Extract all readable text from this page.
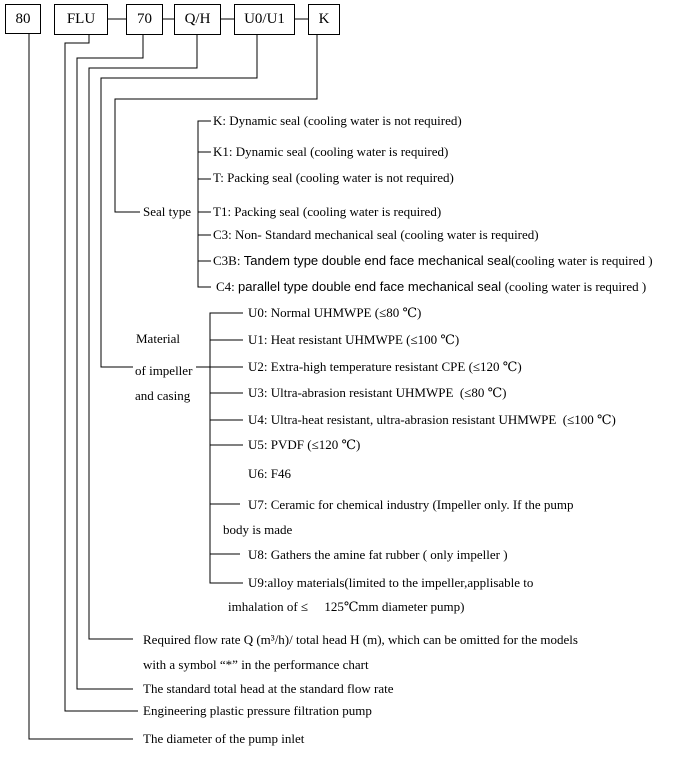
80	FLU	70	Q/H	U0/U1	K
Seal type
K: Dynamic seal (cooling water is not required)
K1: Dynamic seal (cooling water is required)
T: Packing seal (cooling water is not required)
T1: Packing seal (cooling water is required)
C3: Non- Standard mechanical seal (cooling water is required)
C3B: Tandem type double end face mechanical seal(cooling water is required )
C4: parallel type double end face mechanical seal (cooling water is required )
Material
of impeller
and casing
U0: Normal UHMWPE (≤80 ℃)
U1: Heat resistant UHMWPE (≤100 ℃)
U2: Extra-high temperature resistant CPE (≤120 ℃)
U3: Ultra-abrasion resistant UHMWPE  (≤80 ℃)
U4: Ultra-heat resistant, ultra-abrasion resistant UHMWPE  (≤100 ℃)
U5: PVDF (≤120 ℃)
U6: F46
U7: Ceramic for chemical industry (Impeller only. If the pump
body is made
U8: Gathers the amine fat rubber ( only impeller )
U9:alloy materials(limited to the impeller,applisable to
imhalation of ≤     125℃mm diameter pump)
Required flow rate Q (m³/h)/ total head H (m), which can be omitted for the models
with a symbol “*” in the performance chart
The standard total head at the standard flow rate
Engineering plastic pressure filtration pump
The diameter of the pump inlet
